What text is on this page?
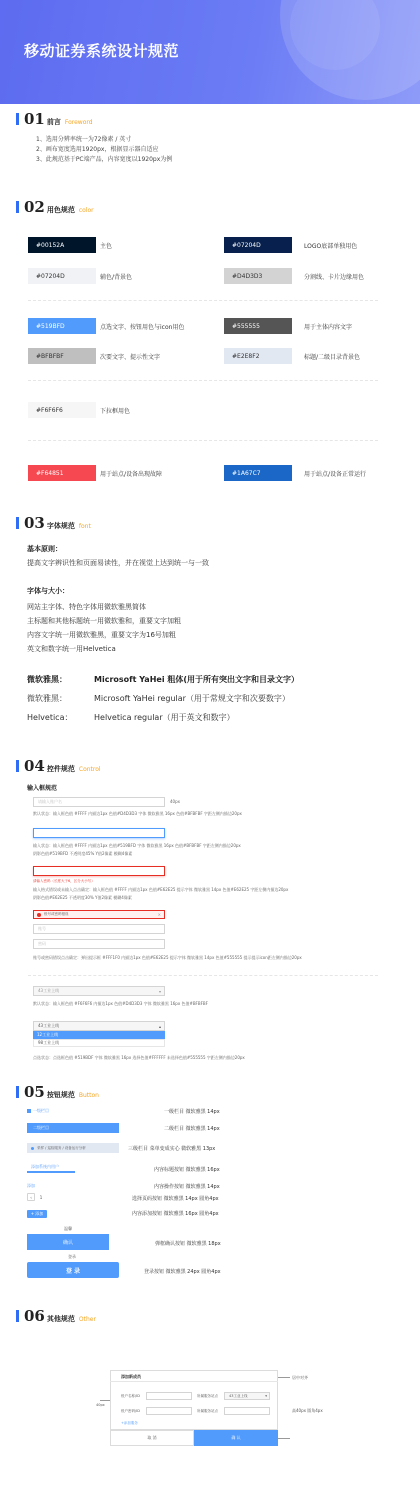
移动证券系统设计规范
01 前言 Foreword
1、选用分辨率统一为72像素 / 英寸
2、画布宽度选用1920px，根据显示器自适应
3、此规范基于PC端产品，内容宽度以1920px为例
02 用色规范 color
#00152A	主色	#07204D	LOGO底部单独用色
#07204D	辅色/背景色	#D4D3D3	分割线、卡片边缘用色
#519BFD	点选文字、按钮用色与icon用色	#555555	用于主体内容文字
#BFBFBF	次要文字、提示性文字	#E2E8F2	标题/二级目录背景色
#F6F6F6	下拉框用色
#F64851	用于站点/设备出现故障	#1A67C7	用于站点/设备正常运行
03 字体规范 font
基本原则：
提高文字辨识性和页面易读性，并在视觉上达到统一与一致
字体与大小：
网站主字体、特色字体用微软雅黑简体
主标题和其他标题统一用微软雅和，重要文字加粗
内容文字统一用微软雅黑，重要文字为16号加粗
英文和数字统一用Helvetica
微软雅黑：	Microsoft YaHei 粗体(用于所有突出文字和目录文字）
微软雅黑：	Microsoft YaHei regular（用于常规文字和次要数字）
Helvetica：	Helvetica regular（用于英文和数字）
04 控件规范 Control
输入框规范
请输入账户名	40px
默认状态：输入框色值 #FFFF 内描边1px 色值#D4D3D3 字体 微软雅黑 16px 色值#BFBFBF 字距左侧内描边20px
输入状态：输入框色值 #FFFF 内描边1px 色值#519BFD 字体 微软雅黑 16px 色值#BFBFBF 字距左侧内描边20px
阴影色值#519BFD 不透明度45% Y值2像素 模糊4像素
请输入密码（长度大于6，区分大小写）
输入格式错误或未输入点击确定：输入框色值 #FFFF 内描边1px 色值#E62E25 提示字体 微软雅黑 14px 色值#E62E25 字距左侧内描边20px
阴影色值#E62E25 不透明度30% Y值2像素 模糊4像素
账号或密码错误	×
账号
密码
账号或密码错误点击确定：弹出提示框 #FFF1F0 内描边1px 色值#E62E25 提示字体 微软雅黑 14px 色值#555555 提示提示icon距左侧内描边20px
43工业上线	▾
默认状态：输入框色值 #F6F6F6 内描边1px 色值#D4D3D3 字体 微软雅黑 16px 色值#BFBFBF
43工业上线	▴
12工业上线
98工业上线
点选状态：点选框色值 #519BDF 字体 微软雅黑 16px 选择色值#FFFFFF 未选择色值#555555 字距左侧内描边20px
05 按钮规范 Button
一级栏目	一级栏目 微软雅黑 14px
二级栏目	二级栏目 微软雅黑 14px
采样 / 巡检服务 / 设备运行分析	三级栏目 菜单变成实心 微软雅黑 13px
添加系统内用户
内容标题按钮 微软雅黑 16px
添加	内容操作按钮 微软雅黑 14px
‹	1	选择页码按钮 微软雅黑 14px 圆角4px
+ 添加	内容添加按钮 微软雅黑 16px 圆角4px
温馨
确认	弹框确认按钮 微软雅黑 18px
登录
登 录	登录按钮 微软雅黑 24px 圆角4px
06 其他规范 Other
添加新成员
账户名称/ID	所属服务站点	43工业上线	▾
账户密码/ID	所属服务站点
+添加服务
取 消	确 认
40px
居中对齐
高40px 圆角4px
